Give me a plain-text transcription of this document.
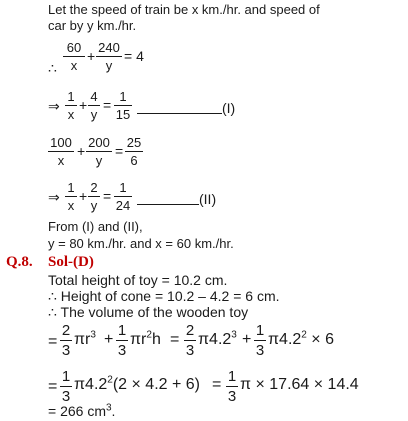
Let the speed of train be x km./hr. and speed of
car by y km./hr.
∴
60
x
+
240
y
= 4
⇒
1
x
+
4
y
=
1
15	(I)
100
x
+
200
y
=
25
6
⇒
1
x
+
2
y
=
1
24	(II)
From (I) and (II),
y = 80 km./hr. and x = 60 km./hr.
Q.8. Sol-(D)
Total height of toy = 10.2 cm.
∴ Height of cone = 10.2 – 4.2 = 6 cm.
∴ The volume of the wooden toy
=
2
3
$\pi r^3$ +
1
3
$\pi r^2h$ =
2
3
$\pi 4.2^3$ +
1
3
$\pi 4.2^2 \times 6$
=
1
3
$\pi 4.2^2(2 \times 4.2 + 6) = 1$
3
π × 17.64 × 14.4
= 266 $cm^3$.
